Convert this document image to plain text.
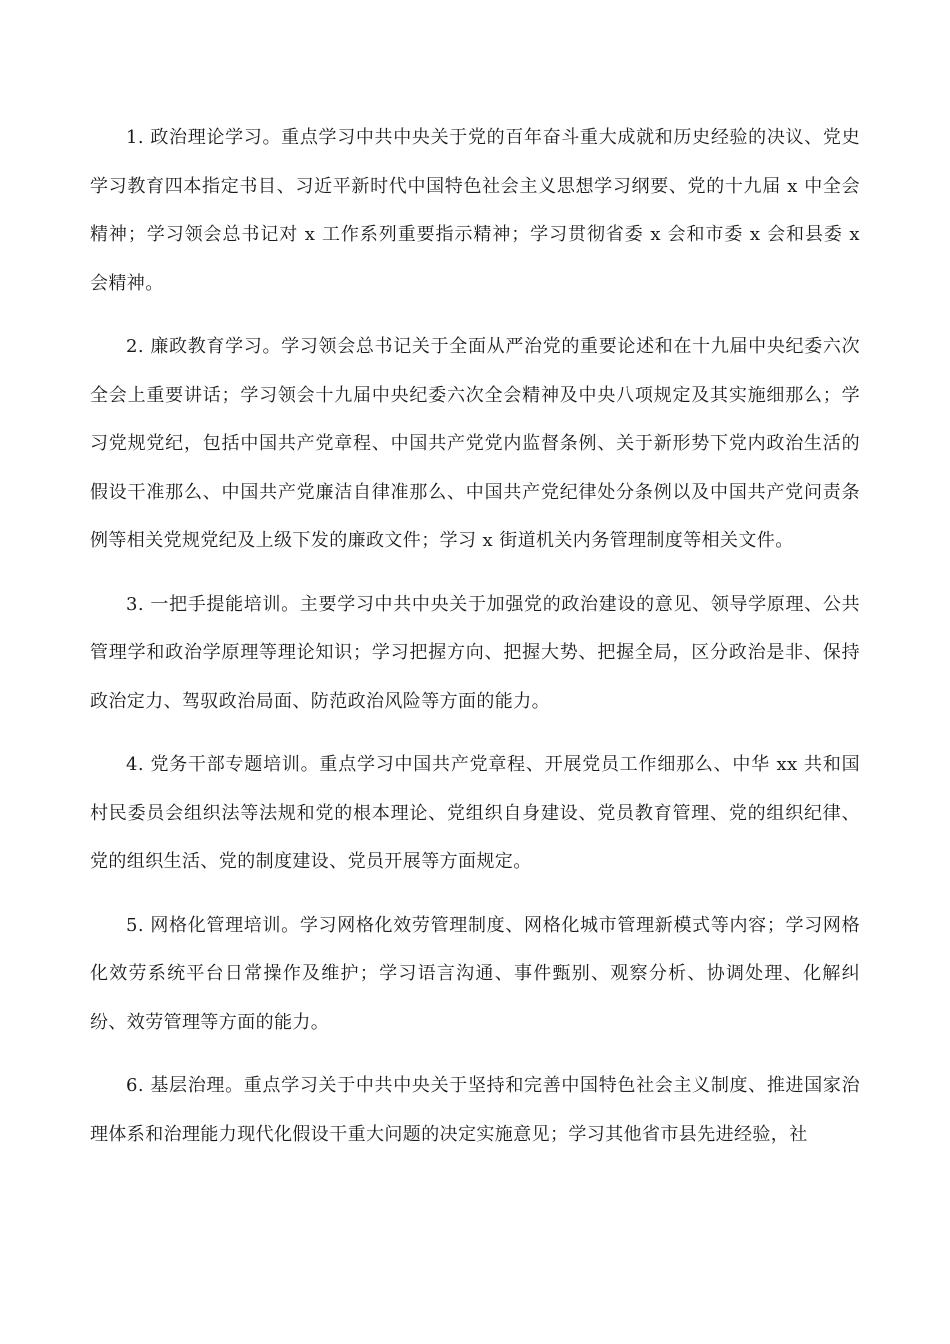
1. 政治理论学习。重点学习中共中央关于党的百年奋斗重大成就和历史经验的决议、党史学习教育四本指定书目、习近平新时代中国特色社会主义思想学习纲要、党的十九届 x 中全会精神；学习领会总书记对 x 工作系列重要指示精神；学习贯彻省委 x 会和市委 x 会和县委 x 会精神。

2. 廉政教育学习。学习领会总书记关于全面从严治党的重要论述和在十九届中央纪委六次全会上重要讲话；学习领会十九届中央纪委六次全会精神及中央八项规定及其实施细那么；学习党规党纪，包括中国共产党章程、中国共产党党内监督条例、关于新形势下党内政治生活的假设干准那么、中国共产党廉洁自律准那么、中国共产党纪律处分条例以及中国共产党问责条例等相关党规党纪及上级下发的廉政文件；学习 x 街道机关内务管理制度等相关文件。

3. 一把手提能培训。主要学习中共中央关于加强党的政治建设的意见、领导学原理、公共管理学和政治学原理等理论知识；学习把握方向、把握大势、把握全局，区分政治是非、保持政治定力、驾驭政治局面、防范政治风险等方面的能力。

4. 党务干部专题培训。重点学习中国共产党章程、开展党员工作细那么、中华 xx 共和国村民委员会组织法等法规和党的根本理论、党组织自身建设、党员教育管理、党的组织纪律、党的组织生活、党的制度建设、党员开展等方面规定。

5. 网格化管理培训。学习网格化效劳管理制度、网格化城市管理新模式等内容；学习网格化效劳系统平台日常操作及维护；学习语言沟通、事件甄别、观察分析、协调处理、化解纠纷、效劳管理等方面的能力。

6. 基层治理。重点学习关于中共中央关于坚持和完善中国特色社会主义制度、推进国家治理体系和治理能力现代化假设干重大问题的决定实施意见；学习其他省市县先进经验，社
